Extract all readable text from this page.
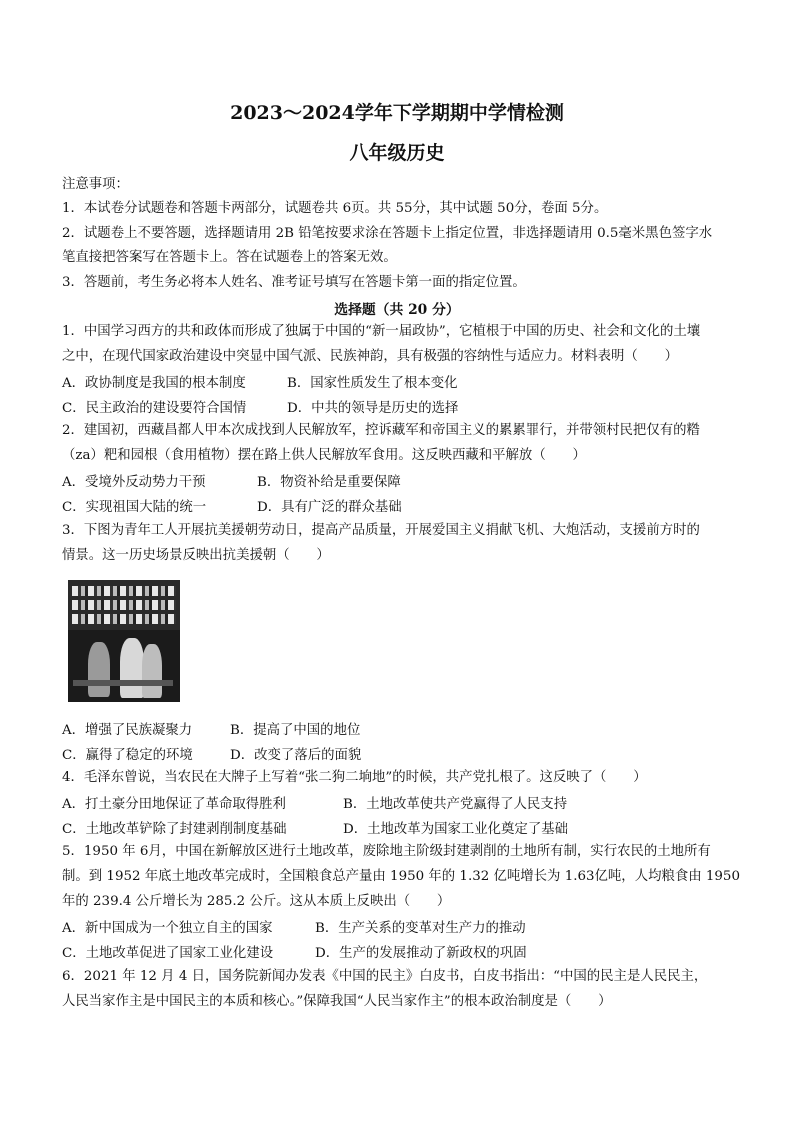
2023～2024学年下学期期中学情检测
八年级历史
注意事项：
1．本试卷分试题卷和答题卡两部分，试题卷共 6页。共 55分，其中试题 50分，卷面 5分。
2．试题卷上不要答题，选择题请用 2B 铅笔按要求涂在答题卡上指定位置，非选择题请用 0.5毫米黑色签字水
笔直接把答案写在答题卡上。答在试题卷上的答案无效。
3．答题前，考生务必将本人姓名、准考证号填写在答题卡第一面的指定位置。
选择题（共 20 分）
1．中国学习西方的共和政体而形成了独属于中国的“新一届政协”，它植根于中国的历史、社会和文化的土壤
之中，在现代国家政治建设中突显中国气派、民族神韵，具有极强的容纳性与适应力。材料表明（　　）
A．政协制度是我国的根本制度	B．国家性质发生了根本变化
C．民主政治的建设要符合国情	D．中共的领导是历史的选择
2．建国初，西藏昌都人甲本次成找到人民解放军，控诉藏军和帝国主义的累累罪行，并带领村民把仅有的糌
（za）粑和园根（食用植物）摆在路上供人民解放军食用。这反映西藏和平解放（　　）
A．受境外反动势力干预	B．物资补给是重要保障
C．实现祖国大陆的统一	D．具有广泛的群众基础
3．下图为青年工人开展抗美援朝劳动日，提高产品质量，开展爱国主义捐献飞机、大炮活动，支援前方时的
情景。这一历史场景反映出抗美援朝（　　）
A．增强了民族凝聚力	B．提高了中国的地位
C．赢得了稳定的环境	D．改变了落后的面貌
4．毛泽东曾说，当农民在大牌子上写着“张二狗二垧地”的时候，共产党扎根了。这反映了（　　）
A．打土豪分田地保证了革命取得胜利	B．土地改革使共产党赢得了人民支持
C．土地改革铲除了封建剥削制度基础	D．土地改革为国家工业化奠定了基础
5．1950 年 6月，中国在新解放区进行土地改革，废除地主阶级封建剥削的土地所有制，实行农民的土地所有
制。到 1952 年底土地改革完成时，全国粮食总产量由 1950 年的 1.32 亿吨增长为 1.63亿吨，人均粮食由 1950
年的 239.4 公斤增长为 285.2 公斤。这从本质上反映出（　　）
A．新中国成为一个独立自主的国家	B．生产关系的变革对生产力的推动
C．土地改革促进了国家工业化建设	D．生产的发展推动了新政权的巩固
6．2021 年 12 月 4 日，国务院新闻办发表《中国的民主》白皮书，白皮书指出：“中国的民主是人民民主，
人民当家作主是中国民主的本质和核心。”保障我国“人民当家作主”的根本政治制度是（　　）
